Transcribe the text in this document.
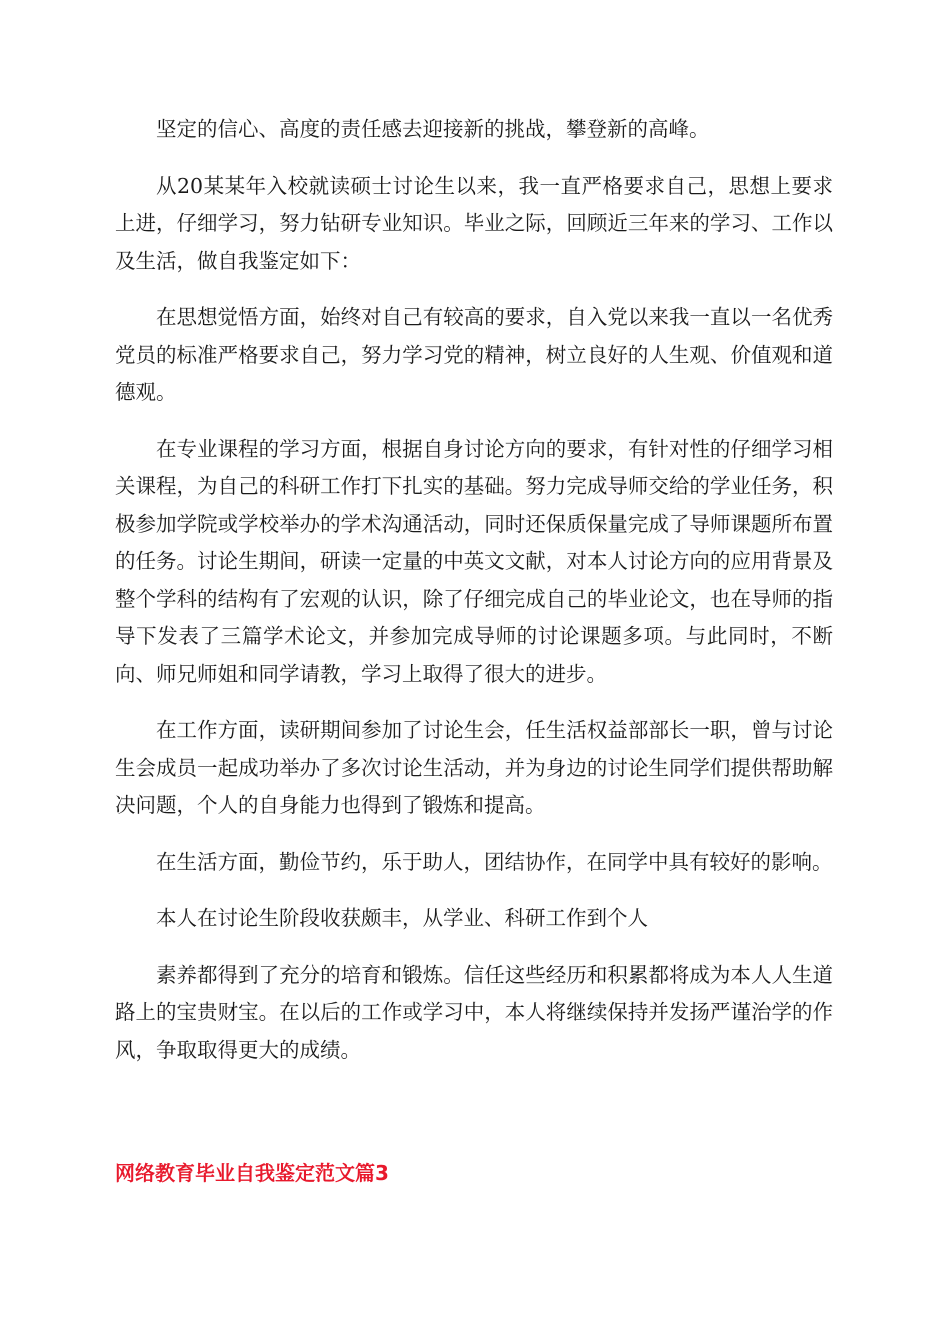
坚定的信心、高度的责任感去迎接新的挑战，攀登新的高峰。

从20某某年入校就读硕士讨论生以来，我一直严格要求自己，思想上要求上进，仔细学习，努力钻研专业知识。毕业之际，回顾近三年来的学习、工作以及生活，做自我鉴定如下：

在思想觉悟方面，始终对自己有较高的要求，自入党以来我一直以一名优秀党员的标准严格要求自己，努力学习党的精神，树立良好的人生观、价值观和道德观。

在专业课程的学习方面，根据自身讨论方向的要求，有针对性的仔细学习相关课程，为自己的科研工作打下扎实的基础。努力完成导师交给的学业任务，积极参加学院或学校举办的学术沟通活动，同时还保质保量完成了导师课题所布置的任务。讨论生期间，研读一定量的中英文文献，对本人讨论方向的应用背景及整个学科的结构有了宏观的认识，除了仔细完成自己的毕业论文，也在导师的指导下发表了三篇学术论文，并参加完成导师的讨论课题多项。与此同时，不断向、师兄师姐和同学请教，学习上取得了很大的进步。

在工作方面，读研期间参加了讨论生会，任生活权益部部长一职，曾与讨论生会成员一起成功举办了多次讨论生活动，并为身边的讨论生同学们提供帮助解决问题，个人的自身能力也得到了锻炼和提高。

在生活方面，勤俭节约，乐于助人，团结协作，在同学中具有较好的影响。

本人在讨论生阶段收获颇丰，从学业、科研工作到个人

素养都得到了充分的培育和锻炼。信任这些经历和积累都将成为本人人生道路上的宝贵财宝。在以后的工作或学习中，本人将继续保持并发扬严谨治学的作风，争取取得更大的成绩。

网络教育毕业自我鉴定范文篇3
